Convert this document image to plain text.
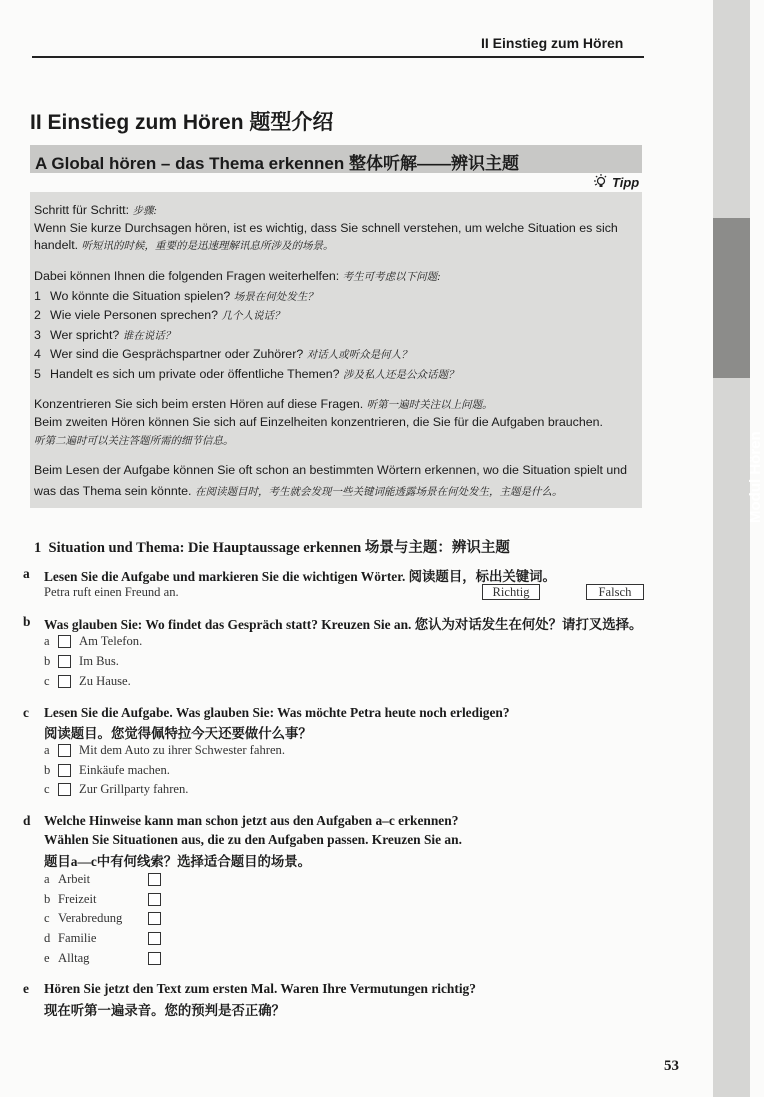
Modul Hören
II Einstieg zum Hören
II Einstieg zum Hören 题型介绍
A Global hören – das Thema erkennen 整体听解——辨识主题
Tipp
Schritt für Schritt: 步骤:
Wenn Sie kurze Durchsagen hören, ist es wichtig, dass Sie schnell verstehen, um welche Situation es sich
handelt. 听短讯的时候，重要的是迅速理解讯息所涉及的场景。
Dabei können Ihnen die folgenden Fragen weiterhelfen: 考生可考虑以下问题:
1 Wo könnte die Situation spielen? 场景在何处发生？
2 Wie viele Personen sprechen? 几个人说话？
3 Wer spricht? 谁在说话？
4 Wer sind die Gesprächspartner oder Zuhörer? 对话人或听众是何人？
5 Handelt es sich um private oder öffentliche Themen? 涉及私人还是公众话题？
Konzentrieren Sie sich beim ersten Hören auf diese Fragen. 听第一遍时关注以上问题。
Beim zweiten Hören können Sie sich auf Einzelheiten konzentrieren, die Sie für die Aufgaben brauchen.
听第二遍时可以关注答题所需的细节信息。
Beim Lesen der Aufgabe können Sie oft schon an bestimmten Wörtern erkennen, wo die Situation spielt und
was das Thema sein könnte. 在阅读题目时，考生就会发现一些关键词能透露场景在何处发生，主题是什么。
1 Situation und Thema: Die Hauptaussage erkennen 场景与主题：辨识主题
a Lesen Sie die Aufgabe und markieren Sie die wichtigen Wörter. 阅读题目，标出关键词。
Petra ruft einen Freund an.	Richtig	Falsch
b Was glauben Sie: Wo findet das Gespräch statt? Kreuzen Sie an. 您认为对话发生在何处？请打叉选择。
a	Am Telefon.
b	Im Bus.
c	Zu Hause.
c Lesen Sie die Aufgabe. Was glauben Sie: Was möchte Petra heute noch erledigen?
阅读题目。您觉得佩特拉今天还要做什么事？
a	Mit dem Auto zu ihrer Schwester fahren.
b	Einkäufe machen.
c	Zur Grillparty fahren.
d Welche Hinweise kann man schon jetzt aus den Aufgaben a–c erkennen?
Wählen Sie Situationen aus, die zu den Aufgaben passen. Kreuzen Sie an.
题目a—c中有何线索？选择适合题目的场景。
a Arbeit
b Freizeit
c Verabredung
d Familie
e Alltag
e Hören Sie jetzt den Text zum ersten Mal. Waren Ihre Vermutungen richtig?
现在听第一遍录音。您的预判是否正确？
53
